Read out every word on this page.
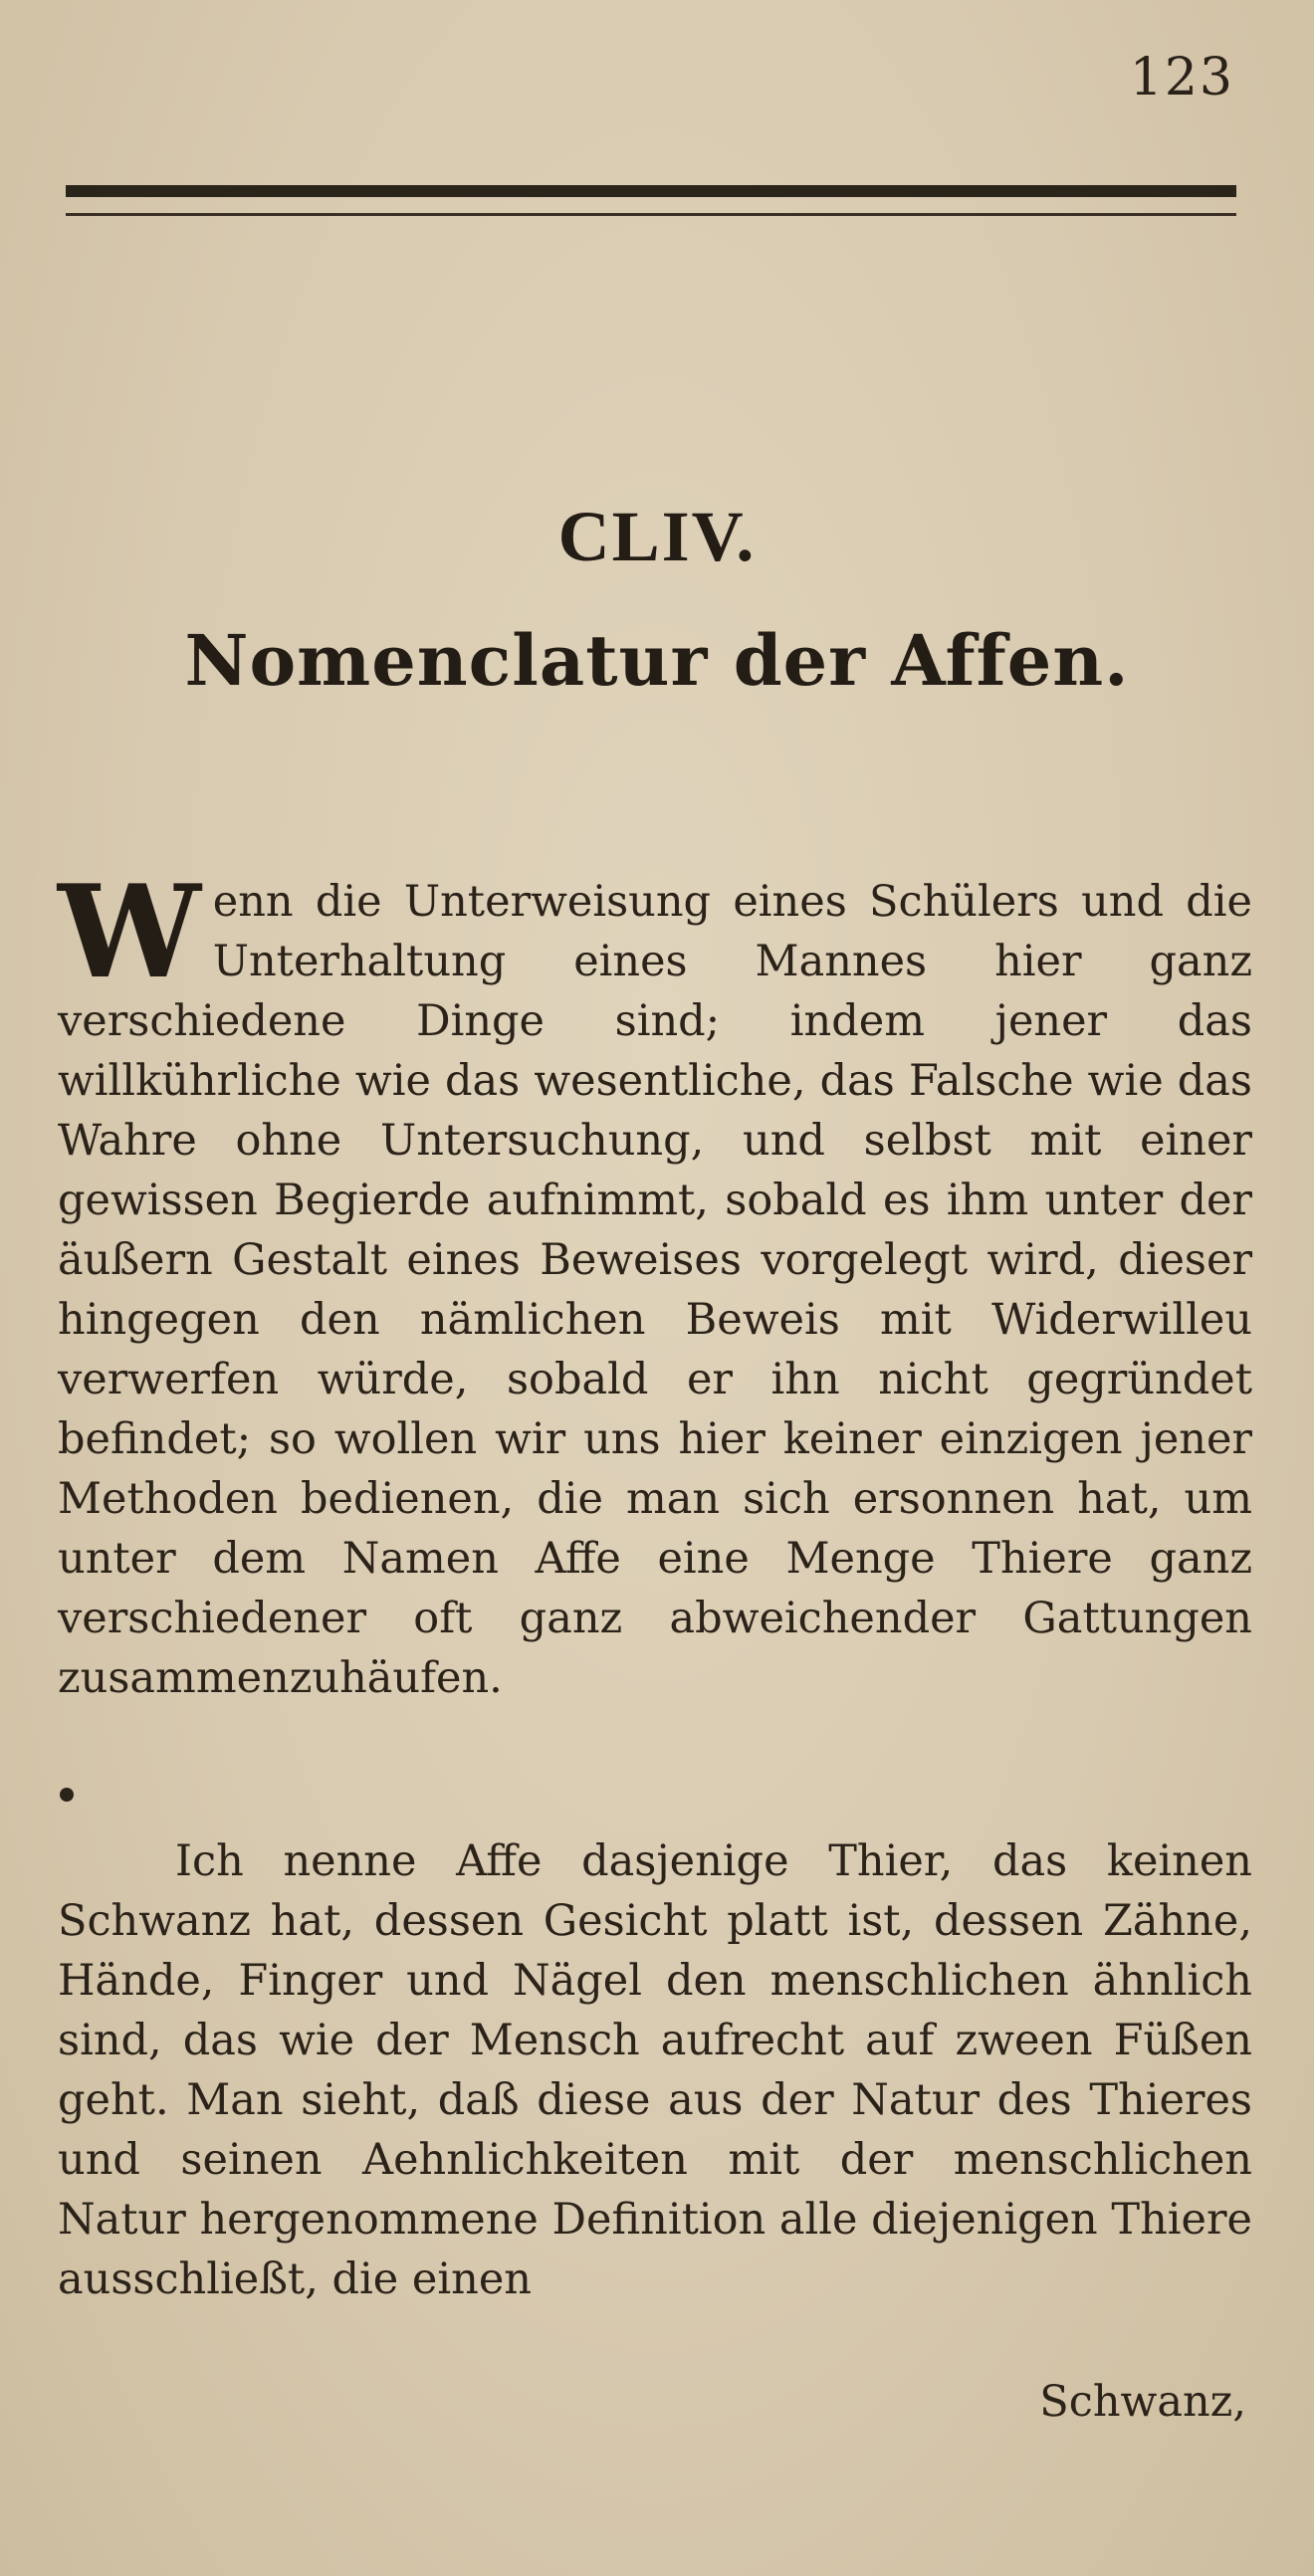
123
CLIV.
Nomenclatur der Affen.
W enn die Unterweisung eines Schülers und die Unterhaltung eines Mannes hier ganz verschiedene Dinge sind; indem jener das willkührliche wie das wesentliche, das Falsche wie das Wahre ohne Untersuchung, und selbst mit einer gewissen Begierde aufnimmt, sobald es ihm unter der äußern Gestalt eines Beweises vorgelegt wird, dieser hingegen den nämlichen Beweis mit Widerwilleu verwerfen würde, sobald er ihn nicht gegründet befindet; so wollen wir uns hier keiner einzigen jener Methoden bedienen, die man sich ersonnen hat, um unter dem Namen Affe eine Menge Thiere ganz verschiedener oft ganz abweichender Gattungen zusammenzuhäufen.
Ich nenne Affe dasjenige Thier, das keinen Schwanz hat, dessen Gesicht platt ist, dessen Zähne, Hände, Finger und Nägel den menschlichen ähnlich sind, das wie der Mensch aufrecht auf zween Füßen geht. Man sieht, daß diese aus der Natur des Thieres und seinen Aehnlichkeiten mit der menschlichen Natur hergenommene Definition alle diejenigen Thiere ausschließt, die einen
Schwanz,
